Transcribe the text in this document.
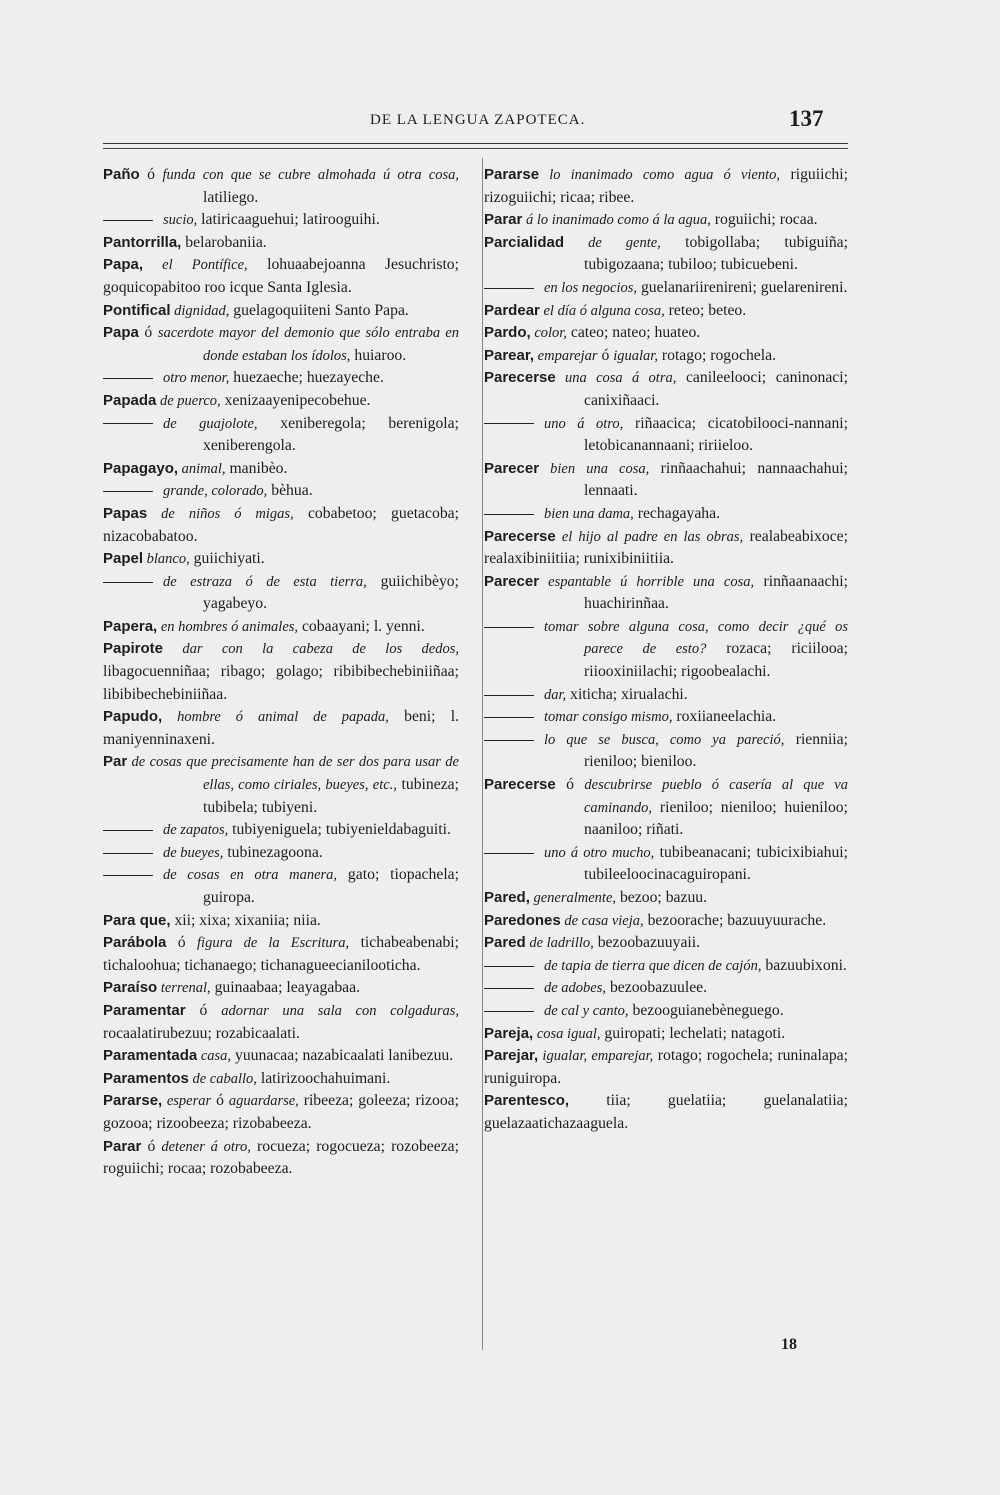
DE LA LENGUA ZAPOTECA.	137

Paño ó funda con que se cubre almohada ú otra cosa, latiliego.

sucio, latiricaaguehui; latirooguihi.

Pantorrilla, belarobaniia.

Papa, el Pontífice, lohuaabejoanna Jesuchristo; goquicopabitoo roo icque Santa Iglesia.

Pontifical dignidad, guelagoquiiteni Santo Papa.

Papa ó sacerdote mayor del demonio que sólo entraba en donde estaban los ídolos, huiaroo.

otro menor, huezaeche; huezayeche.

Papada de puerco, xenizaayenipecobehue.

de guajolote, xeniberegola; berenigola; xeniberengola.

Papagayo, animal, manibèo.

grande, colorado, bèhua.

Papas de niños ó migas, cobabetoo; guetacoba; nizacobabatoo.

Papel blanco, guiichiyati.

de estraza ó de esta tierra, guiichibèyo; yagabeyo.

Papera, en hombres ó animales, cobaayani; l. yenni.

Papirote dar con la cabeza de los dedos, libagocuenniñaa; ribago; golago; ribibibechebiniiñaa; libibibechebiniiñaa.

Papudo, hombre ó animal de papada, beni; l. maniyenninaxeni.

Par de cosas que precisamente han de ser dos para usar de ellas, como ciriales, bueyes, etc., tubineza; tubibela; tubiyeni.

de zapatos, tubiyeniguela; tubiyenieldabaguiti.

de bueyes, tubinezagoona.

de cosas en otra manera, gato; tiopachela; guiropa.

Para que, xii; xixa; xixaniia; niia.

Parábola ó figura de la Escritura, tichabeabenabi; tichaloohua; tichanaego; tichanagueecianilooticha.

Paraíso terrenal, guinaabaa; leayagabaa.

Paramentar ó adornar una sala con colgaduras, rocaalatirubezuu; rozabicaalati.

Paramentada casa, yuunacaa; nazabicaalati lanibezuu.

Paramentos de caballo, latirizoochahuimani.

Pararse, esperar ó aguardarse, ribeeza; goleeza; rizooa; gozooa; rizoobeeza; rizobabeeza.

Parar ó detener á otro, rocueza; rogocueza; rozobeeza; roguiichi; rocaa; rozobabeeza.

Pararse lo inanimado como agua ó viento, riguiichi; rizoguiichi; ricaa; ribee.

Parar á lo inanimado como á la agua, roguiichi; rocaa.

Parcialidad de gente, tobigollaba; tubiguiña; tubigozaana; tubiloo; tubicuebeni.

en los negocios, guelanariirenireni; guelarenireni.

Pardear el día ó alguna cosa, reteo; beteo.

Pardo, color, cateo; nateo; huateo.

Parear, emparejar ó igualar, rotago; rogochela.

Parecerse una cosa á otra, canileelooci; caninonaci; canixiñaaci.

uno á otro, riñaacica; cicatobilooci-nannani; letobicanannaani; ririieloo.

Parecer bien una cosa, rinñaachahui; nannaachahui; lennaati.

bien una dama, rechagayaha.

Parecerse el hijo al padre en las obras, realabeabixoce; realaxibiniitiia; runixibiniitiia.

Parecer espantable ú horrible una cosa, rinñaanaachi; huachirinñaa.

tomar sobre alguna cosa, como decir ¿qué os parece de esto? rozaca; riciilooa; riiooxiniilachi; rigoobealachi.

dar, xiticha; xirualachi.

tomar consigo mismo, roxiianeelachia.

lo que se busca, como ya pareció, rienniia; rieniloo; bieniloo.

Parecerse ó descubrirse pueblo ó casería al que va caminando, rieniloo; nieniloo; huieniloo; naaniloo; riñati.

uno á otro mucho, tubibeanacani; tubicixibiahui; tubileeloocinacaguiropani.

Pared, generalmente, bezoo; bazuu.

Paredones de casa vieja, bezoorache; bazuuyuurache.

Pared de ladrillo, bezoobazuuyaii.

de tapia de tierra que dicen de cajón, bazuubixoni.

de adobes, bezoobazuulee.

de cal y canto, bezooguianebèneguego.

Pareja, cosa igual, guiropati; lechelati; natagoti.

Parejar, igualar, emparejar, rotago; rogochela; runinalapa; runiguiropa.

Parentesco, tiia; guelatiia; guelanalatiia; guelazaatichazaaguela.

18
